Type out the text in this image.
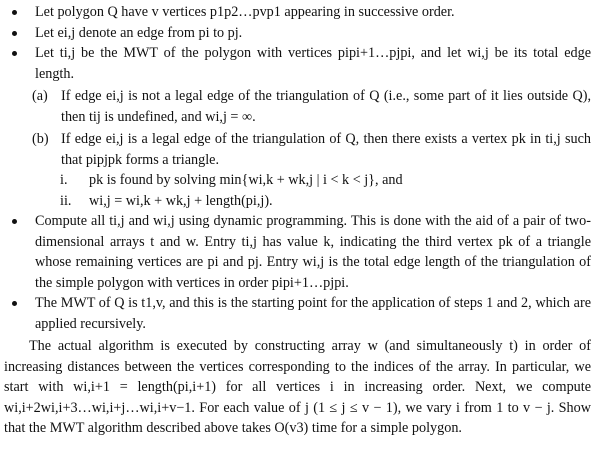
Let polygon Q have v vertices p1p2…pvp1 appearing in successive order.
Let ei,j denote an edge from pi to pj.
Let ti,j be the MWT of the polygon with vertices pipi+1…pjpi, and let wi,j be its total edge length.
(a) If edge ei,j is not a legal edge of the triangulation of Q (i.e., some part of it lies outside Q), then tij is undefined, and wi,j = ∞.
(b) If edge ei,j is a legal edge of the triangulation of Q, then there exists a vertex pk in ti,j such that pipjpk forms a triangle.
i. pk is found by solving min{wi,k + wk,j | i < k < j}, and
ii. wi,j = wi,k + wk,j + length(pi,j).
Compute all ti,j and wi,j using dynamic programming. This is done with the aid of a pair of two-dimensional arrays t and w. Entry ti,j has value k, indicating the third vertex pk of a triangle whose remaining vertices are pi and pj. Entry wi,j is the total edge length of the triangulation of the simple polygon with vertices in order pipi+1…pjpi.
The MWT of Q is t1,v, and this is the starting point for the application of steps 1 and 2, which are applied recursively.
The actual algorithm is executed by constructing array w (and simultaneously t) in order of increasing distances between the vertices corresponding to the indices of the array. In particular, we start with wi,i+1 = length(pi,i+1) for all vertices i in increasing order. Next, we compute wi,i+2wi,i+3…wi,i+j…wi,i+v−1. For each value of j (1 ≤ j ≤ v − 1), we vary i from 1 to v − j. Show that the MWT algorithm described above takes O(v3) time for a simple polygon.
